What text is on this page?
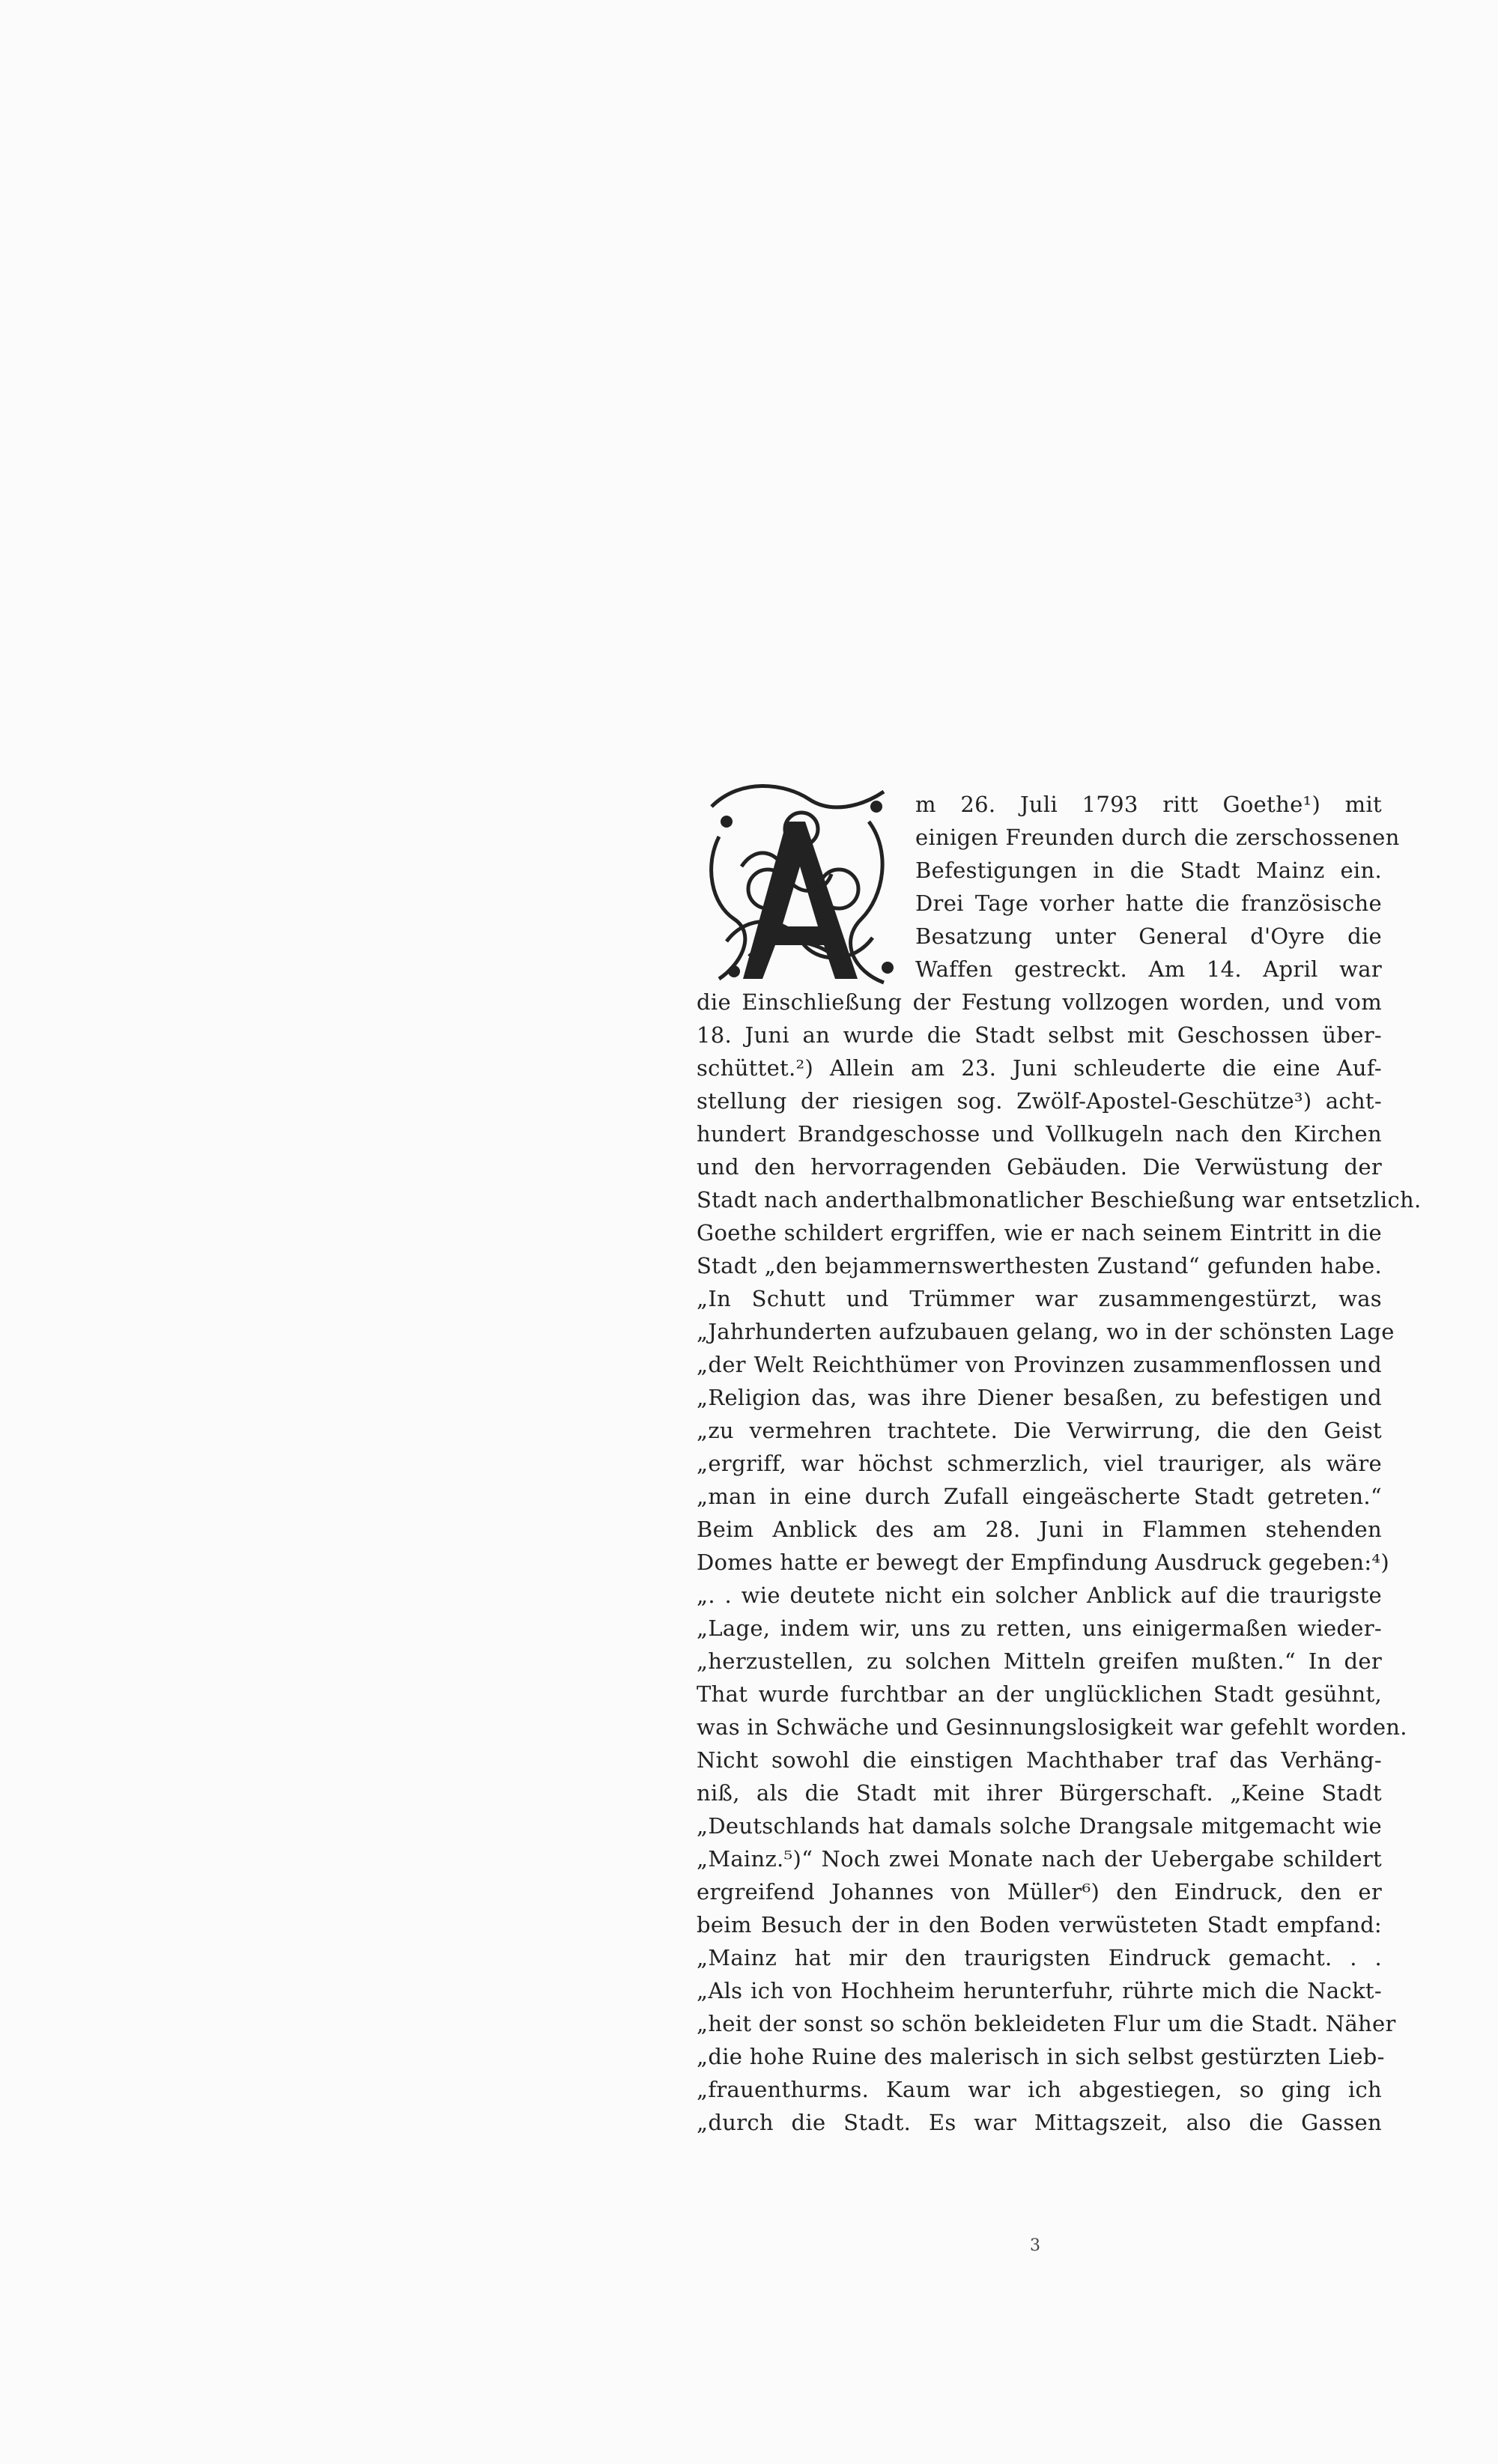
m 26. Juli 1793 ritt Goethe¹) mit
einigen Freunden durch die zerschossenen
Befestigungen in die Stadt Mainz ein.
Drei Tage vorher hatte die französische
Besatzung unter General d'Oyre die
Waffen gestreckt. Am 14. April war
die Einschließung der Festung vollzogen worden, und vom
18. Juni an wurde die Stadt selbst mit Geschossen über-
schüttet.²) Allein am 23. Juni schleuderte die eine Auf-
stellung der riesigen sog. Zwölf-Apostel-Geschütze³) acht-
hundert Brandgeschosse und Vollkugeln nach den Kirchen
und den hervorragenden Gebäuden. Die Verwüstung der
Stadt nach anderthalbmonatlicher Beschießung war entsetzlich.
Goethe schildert ergriffen, wie er nach seinem Eintritt in die
Stadt „den bejammernswerthesten Zustand“ gefunden habe.
„In Schutt und Trümmer war zusammengestürzt, was
„Jahrhunderten aufzubauen gelang, wo in der schönsten Lage
„der Welt Reichthümer von Provinzen zusammenflossen und
„Religion das, was ihre Diener besaßen, zu befestigen und
„zu vermehren trachtete. Die Verwirrung, die den Geist
„ergriff, war höchst schmerzlich, viel trauriger, als wäre
„man in eine durch Zufall eingeäscherte Stadt getreten.“
Beim Anblick des am 28. Juni in Flammen stehenden
Domes hatte er bewegt der Empfindung Ausdruck gegeben:⁴)
„. . wie deutete nicht ein solcher Anblick auf die traurigste
„Lage, indem wir, uns zu retten, uns einigermaßen wieder-
„herzustellen, zu solchen Mitteln greifen mußten.“ In der
That wurde furchtbar an der unglücklichen Stadt gesühnt,
was in Schwäche und Gesinnungslosigkeit war gefehlt worden.
Nicht sowohl die einstigen Machthaber traf das Verhäng-
niß, als die Stadt mit ihrer Bürgerschaft. „Keine Stadt
„Deutschlands hat damals solche Drangsale mitgemacht wie
„Mainz.⁵)“ Noch zwei Monate nach der Uebergabe schildert
ergreifend Johannes von Müller⁶) den Eindruck, den er
beim Besuch der in den Boden verwüsteten Stadt empfand:
„Mainz hat mir den traurigsten Eindruck gemacht. . .
„Als ich von Hochheim herunterfuhr, rührte mich die Nackt-
„heit der sonst so schön bekleideten Flur um die Stadt. Näher
„die hohe Ruine des malerisch in sich selbst gestürzten Lieb-
„frauenthurms. Kaum war ich abgestiegen, so ging ich
„durch die Stadt. Es war Mittagszeit, also die Gassen
3
